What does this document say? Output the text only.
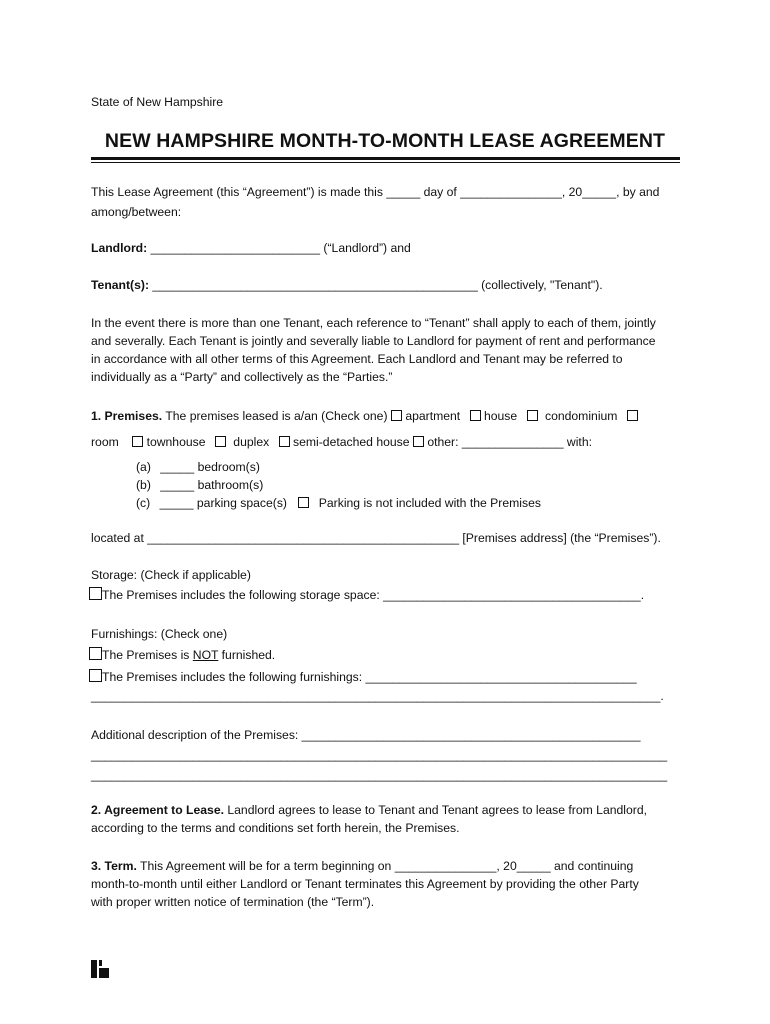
State of New Hampshire
NEW HAMPSHIRE MONTH-TO-MONTH LEASE AGREEMENT
This Lease Agreement (this “Agreement”) is made this _____ day of _______________, 20_____, by and
among/between:
Landlord: _________________________ (“Landlord”) and
Tenant(s): ________________________________________________ (collectively, "Tenant").
In the event there is more than one Tenant, each reference to “Tenant” shall apply to each of them, jointly
and severally. Each Tenant is jointly and severally liable to Landlord for payment of rent and performance
in accordance with all other terms of this Agreement. Each Landlord and Tenant may be referred to
individually as a “Party” and collectively as the “Parties.”
1. Premises. The premises leased is a/an (Check one) apartment house condominium
room townhouse duplex semi-detached house other: _______________ with:
(a) _____ bedroom(s)
(b) _____ bathroom(s)
(c) _____ parking space(s)	Parking is not included with the Premises
located at ______________________________________________ [Premises address] (the “Premises”).
Storage: (Check if applicable)
The Premises includes the following storage space: ______________________________________.
Furnishings: (Check one)
The Premises is NOT furnished.
The Premises includes the following furnishings: ________________________________________
____________________________________________________________________________________.
Additional description of the Premises: __________________________________________________
_____________________________________________________________________________________
_____________________________________________________________________________________
2. Agreement to Lease. Landlord agrees to lease to Tenant and Tenant agrees to lease from Landlord,
according to the terms and conditions set forth herein, the Premises.
3. Term. This Agreement will be for a term beginning on _______________, 20_____ and continuing
month-to-month until either Landlord or Tenant terminates this Agreement by providing the other Party
with proper written notice of termination (the “Term”).
